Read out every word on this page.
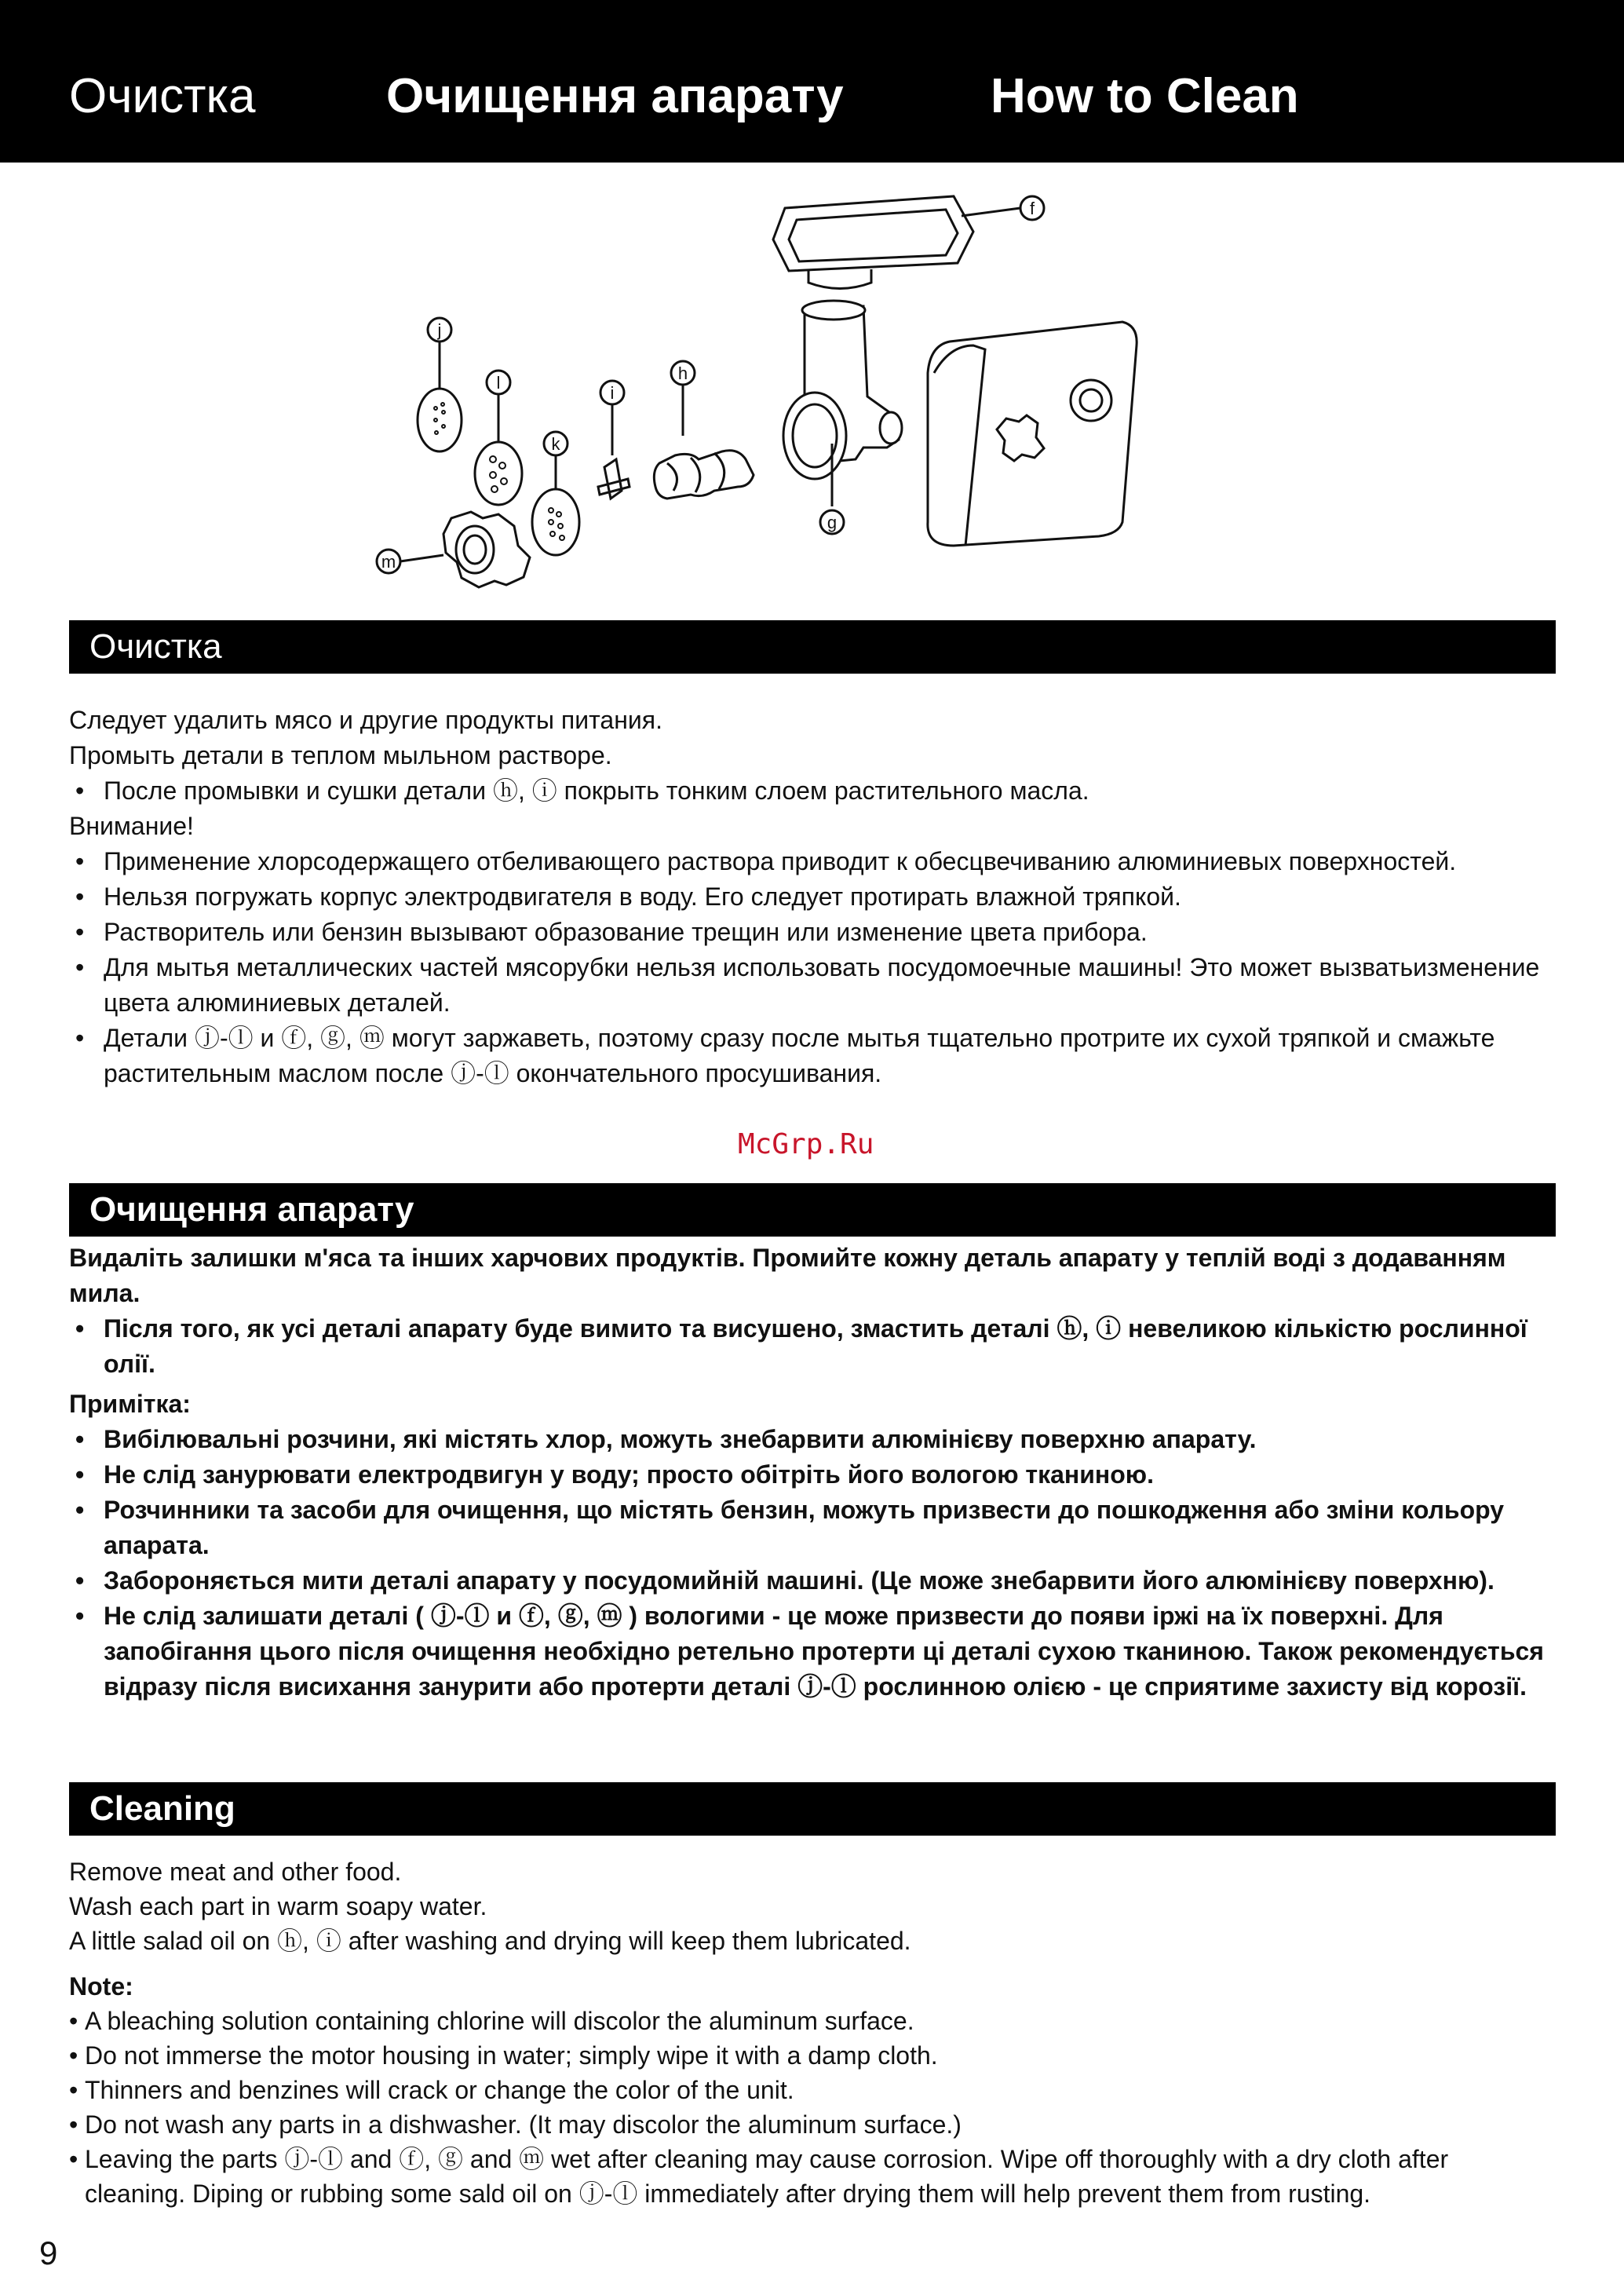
Очистка	Очищення апарату	How to Clean
f
g
h
i
k
l
j
m
Очистка

Следует удалить мясо и другие продукты питания.

Промыть детали в теплом мыльном растворе.

• После промывки и сушки детали ⓗ, ⓘ покрыть тонким слоем растительного масла.

Внимание!

• Применение хлорсодержащего отбеливающего раствора приводит к обесцвечиванию алюминиевых поверхностей.

• Нельзя погружать корпус электродвигателя в воду. Его следует протирать влажной тряпкой.

• Растворитель или бензин вызывают образование трещин или изменение цвета прибора.

• Для мытья металлических частей мясорубки нельзя использовать посудомоечные машины! Это может вызватьизменение цвета алюминиевых деталей.

• Детали ⓙ-ⓛ и ⓕ, ⓖ, ⓜ могут заржаветь, поэтому сразу после мытья тщательно протрите их сухой тряпкой и смажьте растительным маслом после ⓙ-ⓛ окончательного просушивания.

McGrp.Ru
Очищення апарату

Видаліть залишки м'яса та інших харчових продуктів. Промийте кожну деталь апарату у теплій воді з додаванням мила.

• Після того, як усі деталі апарату буде вимито та висушено, змастить деталі ⓗ, ⓘ невеликою кількістю рослинної олії.

Примітка:

• Вибілювальні розчини, які містять хлор, можуть знебарвити алюмінієву поверхню апарату.

• Не слід занурювати електродвигун у воду; просто обітріть його вологою тканиною.

• Розчинники та засоби для очищення, що містять бензин, можуть призвести до пошкодження або зміни кольору апарата.

• Забороняється мити деталі апарату у посудомийній машині. (Це може знебарвити його алюмінієву поверхню).

• Не слід залишати деталі ( ⓙ-ⓛ и ⓕ, ⓖ, ⓜ ) вологими - це може призвести до появи іржі на їх поверхні. Для запобігання цього після очищення необхідно ретельно протерти ці деталі сухою тканиною. Також рекомендується відразу після висихання занурити або протерти деталі ⓙ-ⓛ рослинною олією - це сприятиме захисту від корозії.

Cleaning

Remove meat and other food.

Wash each part in warm soapy water.

A little salad oil on ⓗ, ⓘ after washing and drying will keep them lubricated.

Note:

• A bleaching solution containing chlorine will discolor the aluminum surface.

• Do not immerse the motor housing in water; simply wipe it with a damp cloth.

• Thinners and benzines will crack or change the color of the unit.

• Do not wash any parts in a dishwasher. (It may discolor the aluminum surface.)

• Leaving the parts ⓙ-ⓛ and ⓕ, ⓖ and ⓜ wet after cleaning may cause corrosion. Wipe off thoroughly with a dry cloth after cleaning. Diping or rubbing some sald oil on ⓙ-ⓛ immediately after drying them will help prevent them from rusting.

9
